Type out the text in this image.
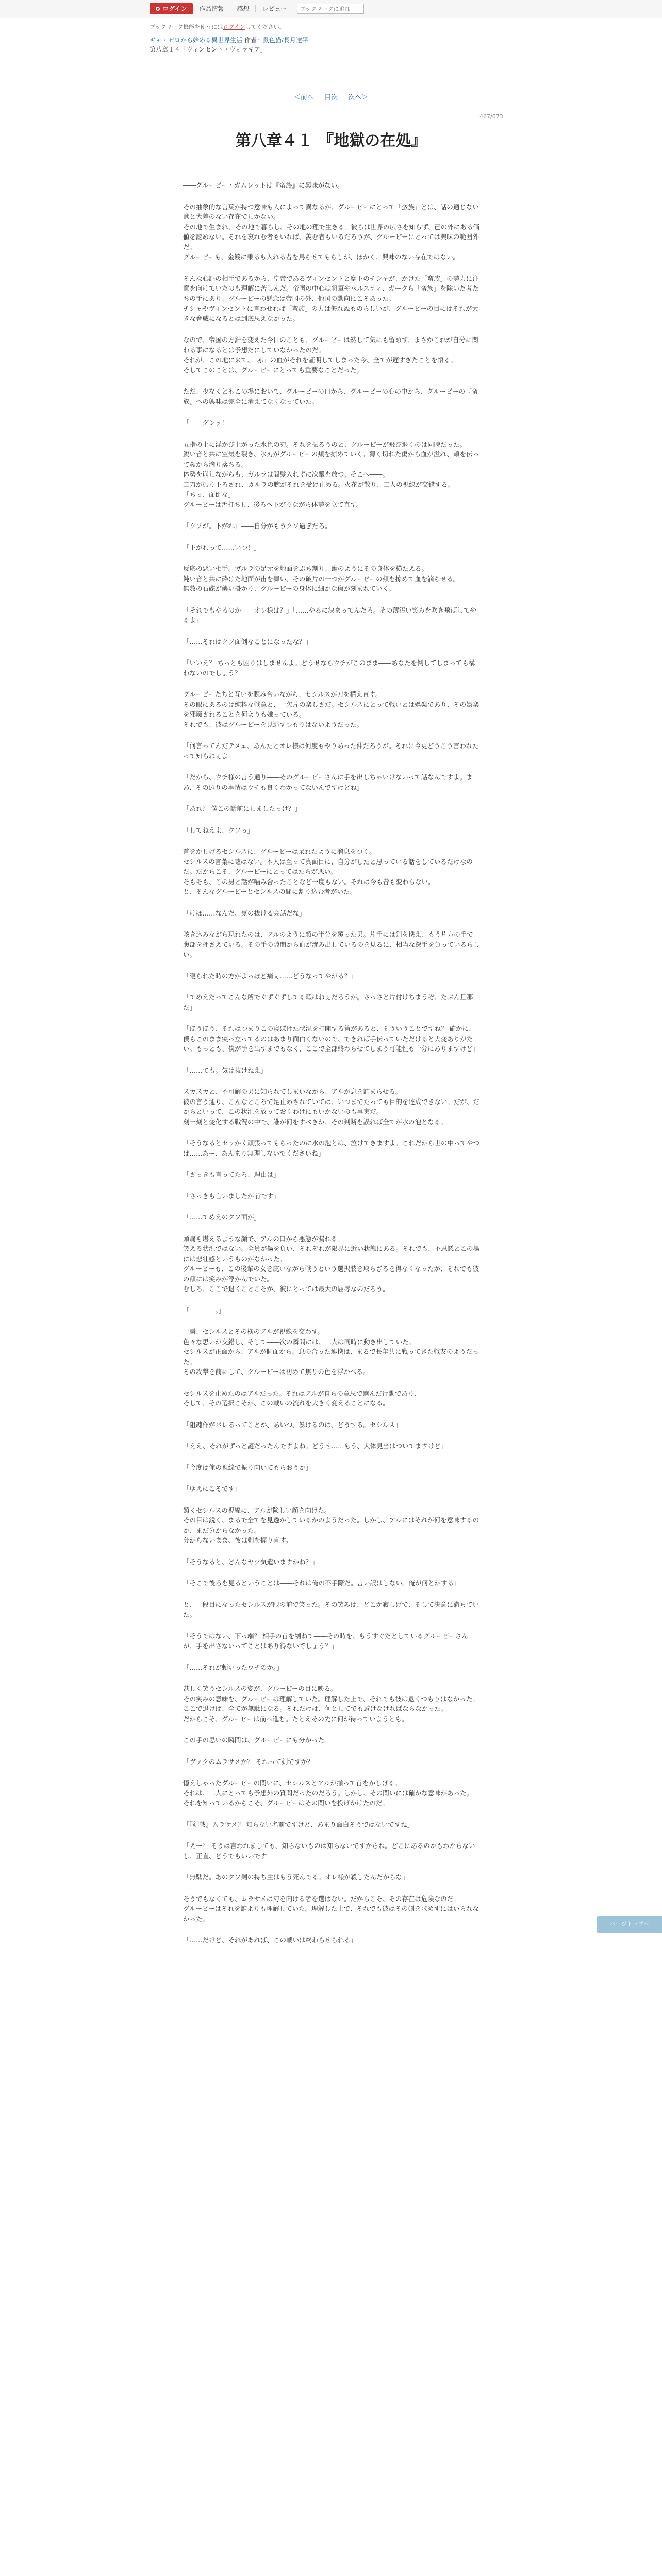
ログイン	作品情報	感想	レビュー
ブックマークに追加
ブックマーク機能を使うにはログインしてください。
ギャ・ゼロから始める異世界生活 作者：鼠色猫/長月達平
第八章１４「ヴィンセント・ヴォラキア」
＜前へ 目次 次へ＞
467/673
第八章４１ 『地獄の在処』

――グルービー・ガムレットは『蛮族』に興味がない。

その抽象的な言葉が持つ意味も人によって異なるが、グルービーにとって「蛮族」とは、話の通じない獣と大差のない存在でしかない。
その地で生まれ、その地で暮らし、その地の理で生きる。彼らは世界の広さを知らず、己の外にある価値を認めない。それを哀れむ者もいれば、羨む者もいるだろうが、グルービーにとっては興味の範囲外だ。
グルービーも、金鍍に乗るも入れる者を馬らせてもらしが、ほかく、興味のない存在ではない。

そんな心証の相手であるから、皇帝であるヴィンセントと麾下のチシャが、かけた「蛮族」の勢力に注意を向けていたのも理解に苦しんだ。帝国の中心は将軍やペルスティ、ガークら「蛮族」を除いた者たちの手にあり、グルービーの懸念は帝国の外、他国の動向にこそあった。
チシャやヴィンセントに言わせれば「蛮族」の力は侮れぬものらしいが、グルービーの目にはそれが大きな脅威になるとは到底思えなかった。

なので、帝国の方針を変えた今日のことも、グルービーは然して気にも留めず、まさかこれが自分に関わる事になるとは予想だにしていなかったのだ。
それが、この地に来て、「赤」の血がそれを証明してしまった今、全てが遅すぎたことを悟る。
そしてこのことは、グルービーにとっても重要なことだった。

ただ、少なくともこの場において、グルービーの口から、グルービーの心の中から、グルービーの『蛮族』への興味は完全に消えてなくなっていた。

「――グンッ！」

五指の上に浮かび上がった氷色の刃。それを振るうのと、グルービーが飛び退くのは同時だった。
鋭い音と共に空気を裂き、氷刃がグルービーの頬を掠めていく。薄く切れた傷から血が溢れ、頬を伝って顎から滴り落ちる。
体勢を崩しながらも、ガルラは間髪入れずに次撃を放つ。そこへ――。
二刀が振り下ろされ、ガルラの腕がそれを受け止める。火花が散り、二人の視線が交錯する。
「ちっ、面倒な」
グルービーは舌打ちし、後ろへ下がりながら体勢を立て直す。

「クソが。下がれ」――自分がもうクソ過ぎだろ。

「下がれって……いつ！」

反応の悪い相手。ガルラの足元を地面をぶち割り、獣のようにその身体を横たえる。
鈍い音と共に砕けた地面が宙を舞い、その破片の一つがグルービーの頬を掠めて血を滴らせる。
無数の石礫が襲い掛かり、グルービーの身体に細かな傷が刻まれていく。

「それでもやるのか――オレ様は？」「……やるに決まってんだろ。その薄汚い笑みを吹き飛ばしてやるよ」

「……それはクソ面倒なことになったな？」

「いいえ？ ちっとも困りはしませんよ。どうせならウチがこのまま――あなたを倒してしまっても構わないのでしょう？」

グルービーたちと互いを睨み合いながら、セシルスが刀を構え直す。
その眼にあるのは純粋な戦意と、一欠片の楽しさだ。セシルスにとって戦いとは娯楽であり、その娯楽を邪魔されることを何よりも嫌っている。
それでも、彼はグルービーを見逃すつもりはないようだった。

「何言ってんだテメェ、あんたとオレ様は何度もやりあった仲だろうが。それに今更どうこう言われたって知らねぇよ」

「だから、ウチ様の言う通り――そのグルービーさんに手を出しちゃいけないって話なんですよ。まあ、その辺りの事情はウチも良くわかってないんですけどね」

「あれ？ 僕この話前にしましたっけ？」

「してねえよ、クソっ」

首をかしげるセシルスに、グルービーは呆れたように溜息をつく。
セシルスの言葉に嘘はない。本人は至って真面目に、自分がしたと思っている話をしているだけなのだ。だからこそ、グルービーにとってはたちが悪い。
そもそも、この男と話が噛み合ったことなど一度もない。それは今も昔も変わらない。
と、そんなグルービーとセシルスの間に割り込む者がいた。

「けほ……なんだ、気の抜ける会話だな」

咳き込みながら現れたのは、アルのように顔の半分を覆った男。片手には剣を携え、もう片方の手で腹部を押さえている。その手の隙間から血が滲み出しているのを見るに、相当な深手を負っているらしい。

「寝られた時の方がよっぽど痛ぇ……どうなってやがる？」

「てめえだってこんな所でぐずぐずしてる暇はねぇだろうが。さっさと片付けちまうぞ、たぶん旦那だ」

「ほうほう、それはつまりこの寝ぼけた状況を打開する策があると、そういうことですね？ 確かに、僕もこのまま突っ立ってるのはあまり面白くないので、できれば手伝っていただけると大変ありがたい。もっとも、僕が手を出すまでもなく、ここで全部終わらせてしまう可能性も十分にありますけど」

「……ても。気は抜けねえ」

スカスカと、不可解の男に知られてしまいながら、アルが息を詰まらせる。
彼の言う通り、こんなところで足止めされていては、いつまでたっても目的を達成できない。だが、だからといって、この状況を放っておくわけにもいかないのも事実だ。
刻一刻と変化する戦況の中で、誰が何をすべきか、その判断を誤れば全てが水の泡となる。

「そうなるとセッかく頑張ってもらったのに水の泡とは、泣けてきますよ。これだから世の中ってやつは……あー、あんまり無理しないでくださいね」

「さっきも言ってたろ、理由は」

「さっきも言いましたが前です」

「……てめえのクソ面が」

頭痛も堪えるような顔で、アルの口から悪態が漏れる。
笑える状況ではない。全員が傷を負い、それぞれが限界に近い状態にある。それでも、不思議とこの場には悲壮感というものがなかった。
グルービーも、この後輩の女を庇いながら戦うという選択肢を取らざるを得なくなったが、それでも彼の顔には笑みが浮かんでいた。
むしろ、ここで退くことこそが、彼にとっては最大の屈辱なのだろう。

「――――。」

一瞬、セシルスとその横のアルが視線を交わす。
色々な思いが交錯し、そして――次の瞬間には、二人は同時に動き出していた。
セシルスが正面から、アルが側面から。息の合った連携は、まるで長年共に戦ってきた戦友のようだった。
その攻撃を前にして、グルービーは初めて焦りの色を浮かべる。

セシルスを止めたのはアルだった。それはアルが自らの意思で選んだ行動であり、
そして、その選択こそが、この戦いの流れを大きく変えることになる。

「阻魂作がバレるってことか、あいつ、暴けるのは、どうする。セシルス」

「ええ、それがずっと謎だったんですよね。どうせ……もう、大体見当はついてますけど」

「今度は俺の視線で振り向いてもらおうか」

「ゆえにこそです」

頷くセシルスの視線に、アルが険しい顔を向けた。
その目は鋭く、まるで全てを見透かしているかのようだった。しかし、アルにはそれが何を意味するのか、まだ分からなかった。
分からないまま、彼は剣を握り直す。

「そうなると、どんなヤツ気遣いますかね？」

「そこで後ろを見るということは――それは俺の不手際だ。言い訳はしない。俺が何とかする」

と、一段目になったセシルスが眼の前で笑った。その笑みは、どこか寂しげで、そして決意に満ちていた。

「そうではない、下っ端？ 相手の首を刎ねて――その時を、もうすぐだとしているグルービーさんが、手を出さないってことはあり得ないでしょう？」

「……それが頼いったウチのか。」

甚しく笑うセシルスの姿が、グルービーの目に映る。
その笑みの意味を、グルービーは理解していた。理解した上で、それでも彼は退くつもりはなかった。
ここで退けば、全てが無駄になる。それだけは、何としてでも避けなければならなかった。
だからこそ、グルービーは前へ進む。たとえその先に何が待っていようとも。

この手の思いの瞬間は、グルービーにも分かった。

「ヴァクのムラサメか？ それって剣ですか？」

憶えしゃったグルービーの問いに、セシルスとアルが揃って首をかしげる。
それは、二人にとっても予想外の質問だったのだろう。しかし、その問いには確かな意味があった。
それを知っているからこそ、グルービーはその問いを投げかけたのだ。

「『剣戟』ムラサメ？ 知らない名前ですけど、あまり面白そうではないですね」

「えー？ そうは言われましても、知らないものは知らないですからね。どこにあるのかもわからないし、正直、どうでもいいです」

「無駄だ。あのクソ剣の持ち主はもう死んでる。オレ様が殺したんだからな」

そうでもなくても、ムラサメは刃を向ける者を選ばない。だからこそ、その存在は危険なのだ。
グルービーはそれを誰よりも理解していた。理解した上で、それでも彼はその剣を求めずにはいられなかった。

「……だけど、それがあれば、この戦いは終わらせられる」

ページトップへ
